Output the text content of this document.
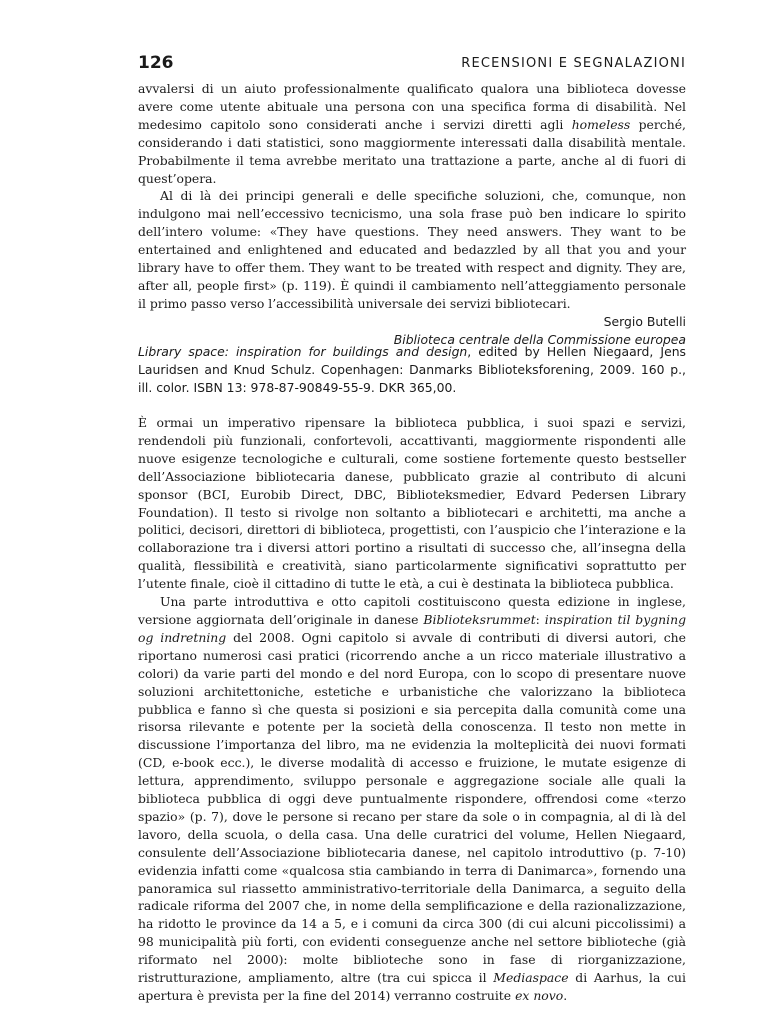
126	RECENSIONI E SEGNALAZIONI

avvalersi di un aiuto professionalmente qualificato qualora una biblioteca dovesse avere come utente abituale una persona con una specifica forma di disabilità. Nel medesimo capitolo sono considerati anche i servizi diretti agli homeless perché, considerando i dati statistici, sono maggiormente interessati dalla disabilità mentale. Probabilmente il tema avrebbe meritato una trattazione a parte, anche al di fuori di quest’opera.

Al di là dei principi generali e delle specifiche soluzioni, che, comunque, non indulgono mai nell’eccessivo tecnicismo, una sola frase può ben indicare lo spirito dell’intero volume: «They have questions. They need answers. They want to be entertained and enlightened and educated and bedazzled by all that you and your library have to offer them. They want to be treated with respect and dignity. They are, after all, people first» (p. 119). È quindi il cambiamento nell’atteggiamento personale il primo passo verso l’accessibilità universale dei servizi bibliotecari.

Sergio Butelli
Biblioteca centrale della Commissione europea
Library space: inspiration for buildings and design, edited by Hellen Niegaard, Jens Lauridsen and Knud Schulz. Copenhagen: Danmarks Biblioteksforening, 2009. 160 p., ill. color. ISBN 13: 978-87-90849-55-9. DKR 365,00.

È ormai un imperativo ripensare la biblioteca pubblica, i suoi spazi e servizi, rendendoli più funzionali, confortevoli, accattivanti, maggiormente rispondenti alle nuove esigenze tecnologiche e culturali, come sostiene fortemente questo bestseller dell’Associazione bibliotecaria danese, pubblicato grazie al contributo di alcuni sponsor (BCI, Eurobib Direct, DBC, Biblioteksmedier, Edvard Pedersen Library Foundation). Il testo si rivolge non soltanto a bibliotecari e architetti, ma anche a politici, decisori, direttori di biblioteca, progettisti, con l’auspicio che l’interazione e la collaborazione tra i diversi attori portino a risultati di successo che, all’insegna della qualità, flessibilità e creatività, siano particolarmente significativi soprattutto per l’utente finale, cioè il cittadino di tutte le età, a cui è destinata la biblioteca pubblica.

Una parte introduttiva e otto capitoli costituiscono questa edizione in inglese, versione aggiornata dell’originale in danese Biblioteksrummet: inspiration til bygning og indretning del 2008. Ogni capitolo si avvale di contributi di diversi autori, che riportano numerosi casi pratici (ricorrendo anche a un ricco materiale illustrativo a colori) da varie parti del mondo e del nord Europa, con lo scopo di presentare nuove soluzioni architettoniche, estetiche e urbanistiche che valorizzano la biblioteca pubblica e fanno sì che questa si posizioni e sia percepita dalla comunità come una risorsa rilevante e potente per la società della conoscenza. Il testo non mette in discussione l’importanza del libro, ma ne evidenzia la molteplicità dei nuovi formati (CD, e-book ecc.), le diverse modalità di accesso e fruizione, le mutate esigenze di lettura, apprendimento, sviluppo personale e aggregazione sociale alle quali la biblioteca pubblica di oggi deve puntualmente rispondere, offrendosi come «terzo spazio» (p. 7), dove le persone si recano per stare da sole o in compagnia, al di là del lavoro, della scuola, o della casa. Una delle curatrici del volume, Hellen Niegaard, consulente dell’Associazione bibliotecaria danese, nel capitolo introduttivo (p. 7-10) evidenzia infatti come «qualcosa stia cambiando in terra di Danimarca», fornendo una panoramica sul riassetto amministrativo-territoriale della Danimarca, a seguito della radicale riforma del 2007 che, in nome della semplificazione e della razionalizzazione, ha ridotto le province da 14 a 5, e i comuni da circa 300 (di cui alcuni piccolissimi) a 98 municipalità più forti, con evidenti conseguenze anche nel settore biblioteche (già riformato nel 2000): molte biblioteche sono in fase di riorganizzazione, ristrutturazione, ampliamento, altre (tra cui spicca il Mediaspace di Aarhus, la cui apertura è prevista per la fine del 2014) verranno costruite ex novo.
